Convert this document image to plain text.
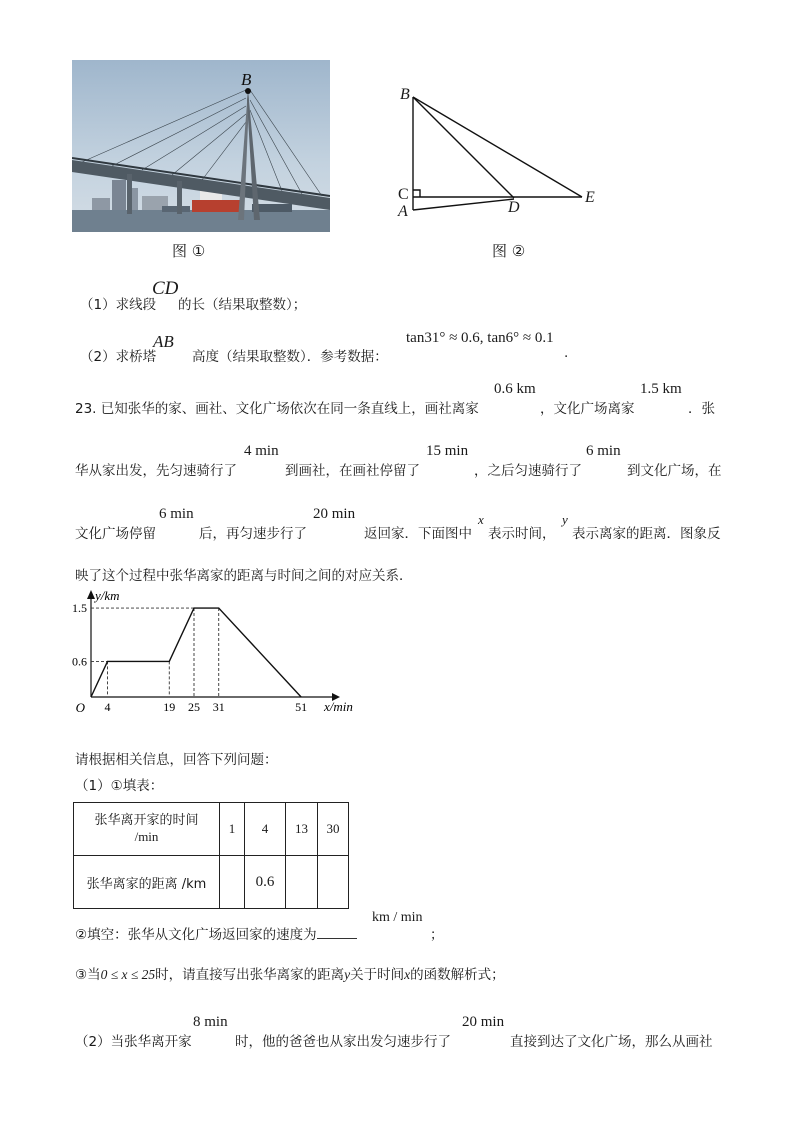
B
图 ①
B
C
A	D
E
图 ②
（1）求线段
CD
的长（结果取整数）；
（2）求桥塔
AB
高度（结果取整数）．参考数据：
tan31° ≈ 0.6, tan6° ≈ 0.1
.
23. 已知张华的家、画社、文化广场依次在同一条直线上，画社离家
0.6 km
，文化广场离家
1.5 km
．张
华从家出发，先匀速骑行了
4 min
到画社，在画社停留了
15 min
，之后匀速骑行了
6 min
到文化广场，在
文化广场停留
6 min
后，再匀速步行了
20 min
返回家．下面图中
x
表示时间，
y
表示离家的距离．图象反
映了这个过程中张华离家的距离与时间之间的对应关系．
4	19 25 31	51
0.6
1.5
O	x/min
y/km
请根据相关信息，回答下列问题：
（1）①填表：
张华离开家的时间
/min	1	4	13	30
张华离家的距离 /km		0.6		
②填空：张华从文化广场返回家的速度为
km / min
；
③当0 ≤ x ≤ 25时，请直接写出张华离家的距离y关于时间x的函数解析式；
（2）当张华离开家
8 min
时，他的爸爸也从家出发匀速步行了
20 min
直接到达了文化广场，那么从画社
